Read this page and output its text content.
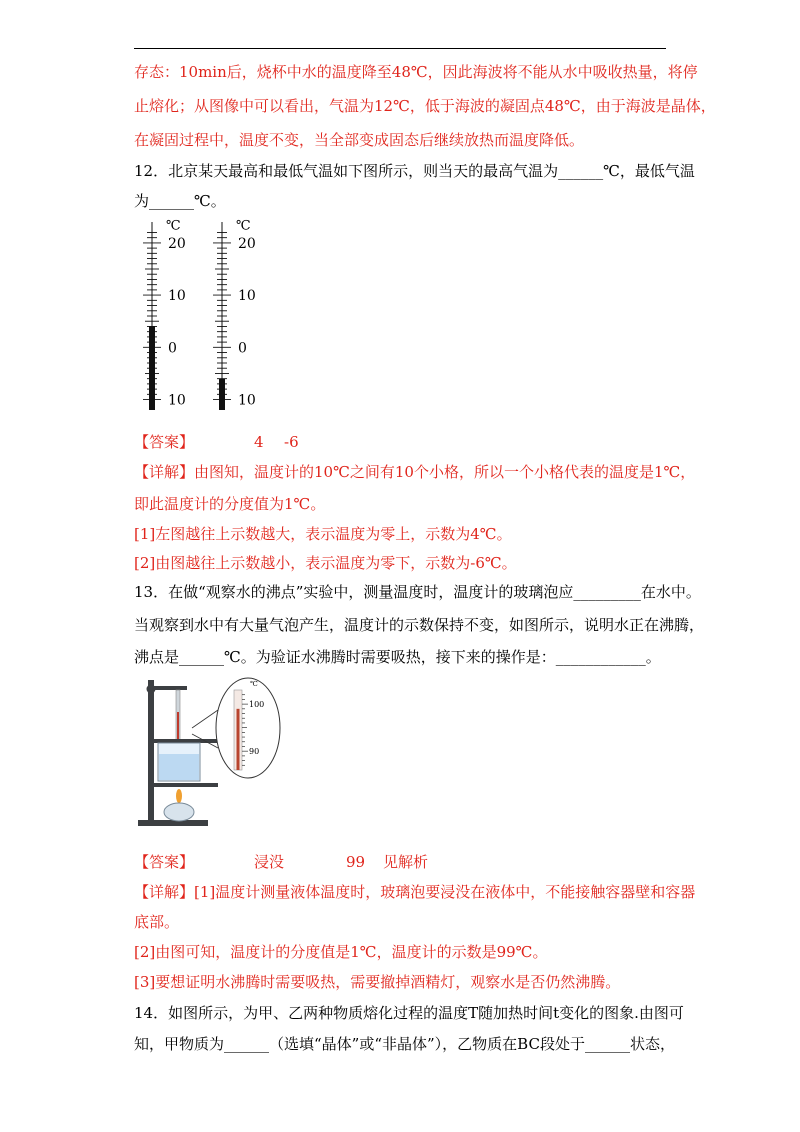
存态：10min后，烧杯中水的温度降至48℃，因此海波将不能从水中吸收热量，将停
止熔化；从图像中可以看出，气温为12℃，低于海波的凝固点48℃，由于海波是晶体，
在凝固过程中，温度不变，当全部变成固态后继续放热而温度降低。
12．北京某天最高和最低气温如下图所示，则当天的最高气温为______℃，最低气温
为______℃。
℃
20
10
0
10
℃
20
10
0
10
【答案】	4 -6
【详解】由图知，温度计的10℃之间有10个小格，所以一个小格代表的温度是1℃，
即此温度计的分度值为1℃。
[1]左图越往上示数越大，表示温度为零上，示数为4℃。
[2]由图越往上示数越小，表示温度为零下，示数为-6℃。
13．在做“观察水的沸点”实验中，测量温度时，温度计的玻璃泡应_________在水中。
当观察到水中有大量气泡产生，温度计的示数保持不变，如图所示，说明水正在沸腾，
沸点是______℃。为验证水沸腾时需要吸热，接下来的操作是：____________。
℃
100
90
【答案】	浸没	99 见解析
【详解】[1]温度计测量液体温度时，玻璃泡要浸没在液体中，不能接触容器壁和容器
底部。
[2]由图可知，温度计的分度值是1℃，温度计的示数是99℃。
[3]要想证明水沸腾时需要吸热，需要撤掉酒精灯，观察水是否仍然沸腾。
14．如图所示，为甲、乙两种物质熔化过程的温度T随加热时间t变化的图象.由图可
知，甲物质为______（选填“晶体”或“非晶体”），乙物质在BC段处于______状态，
